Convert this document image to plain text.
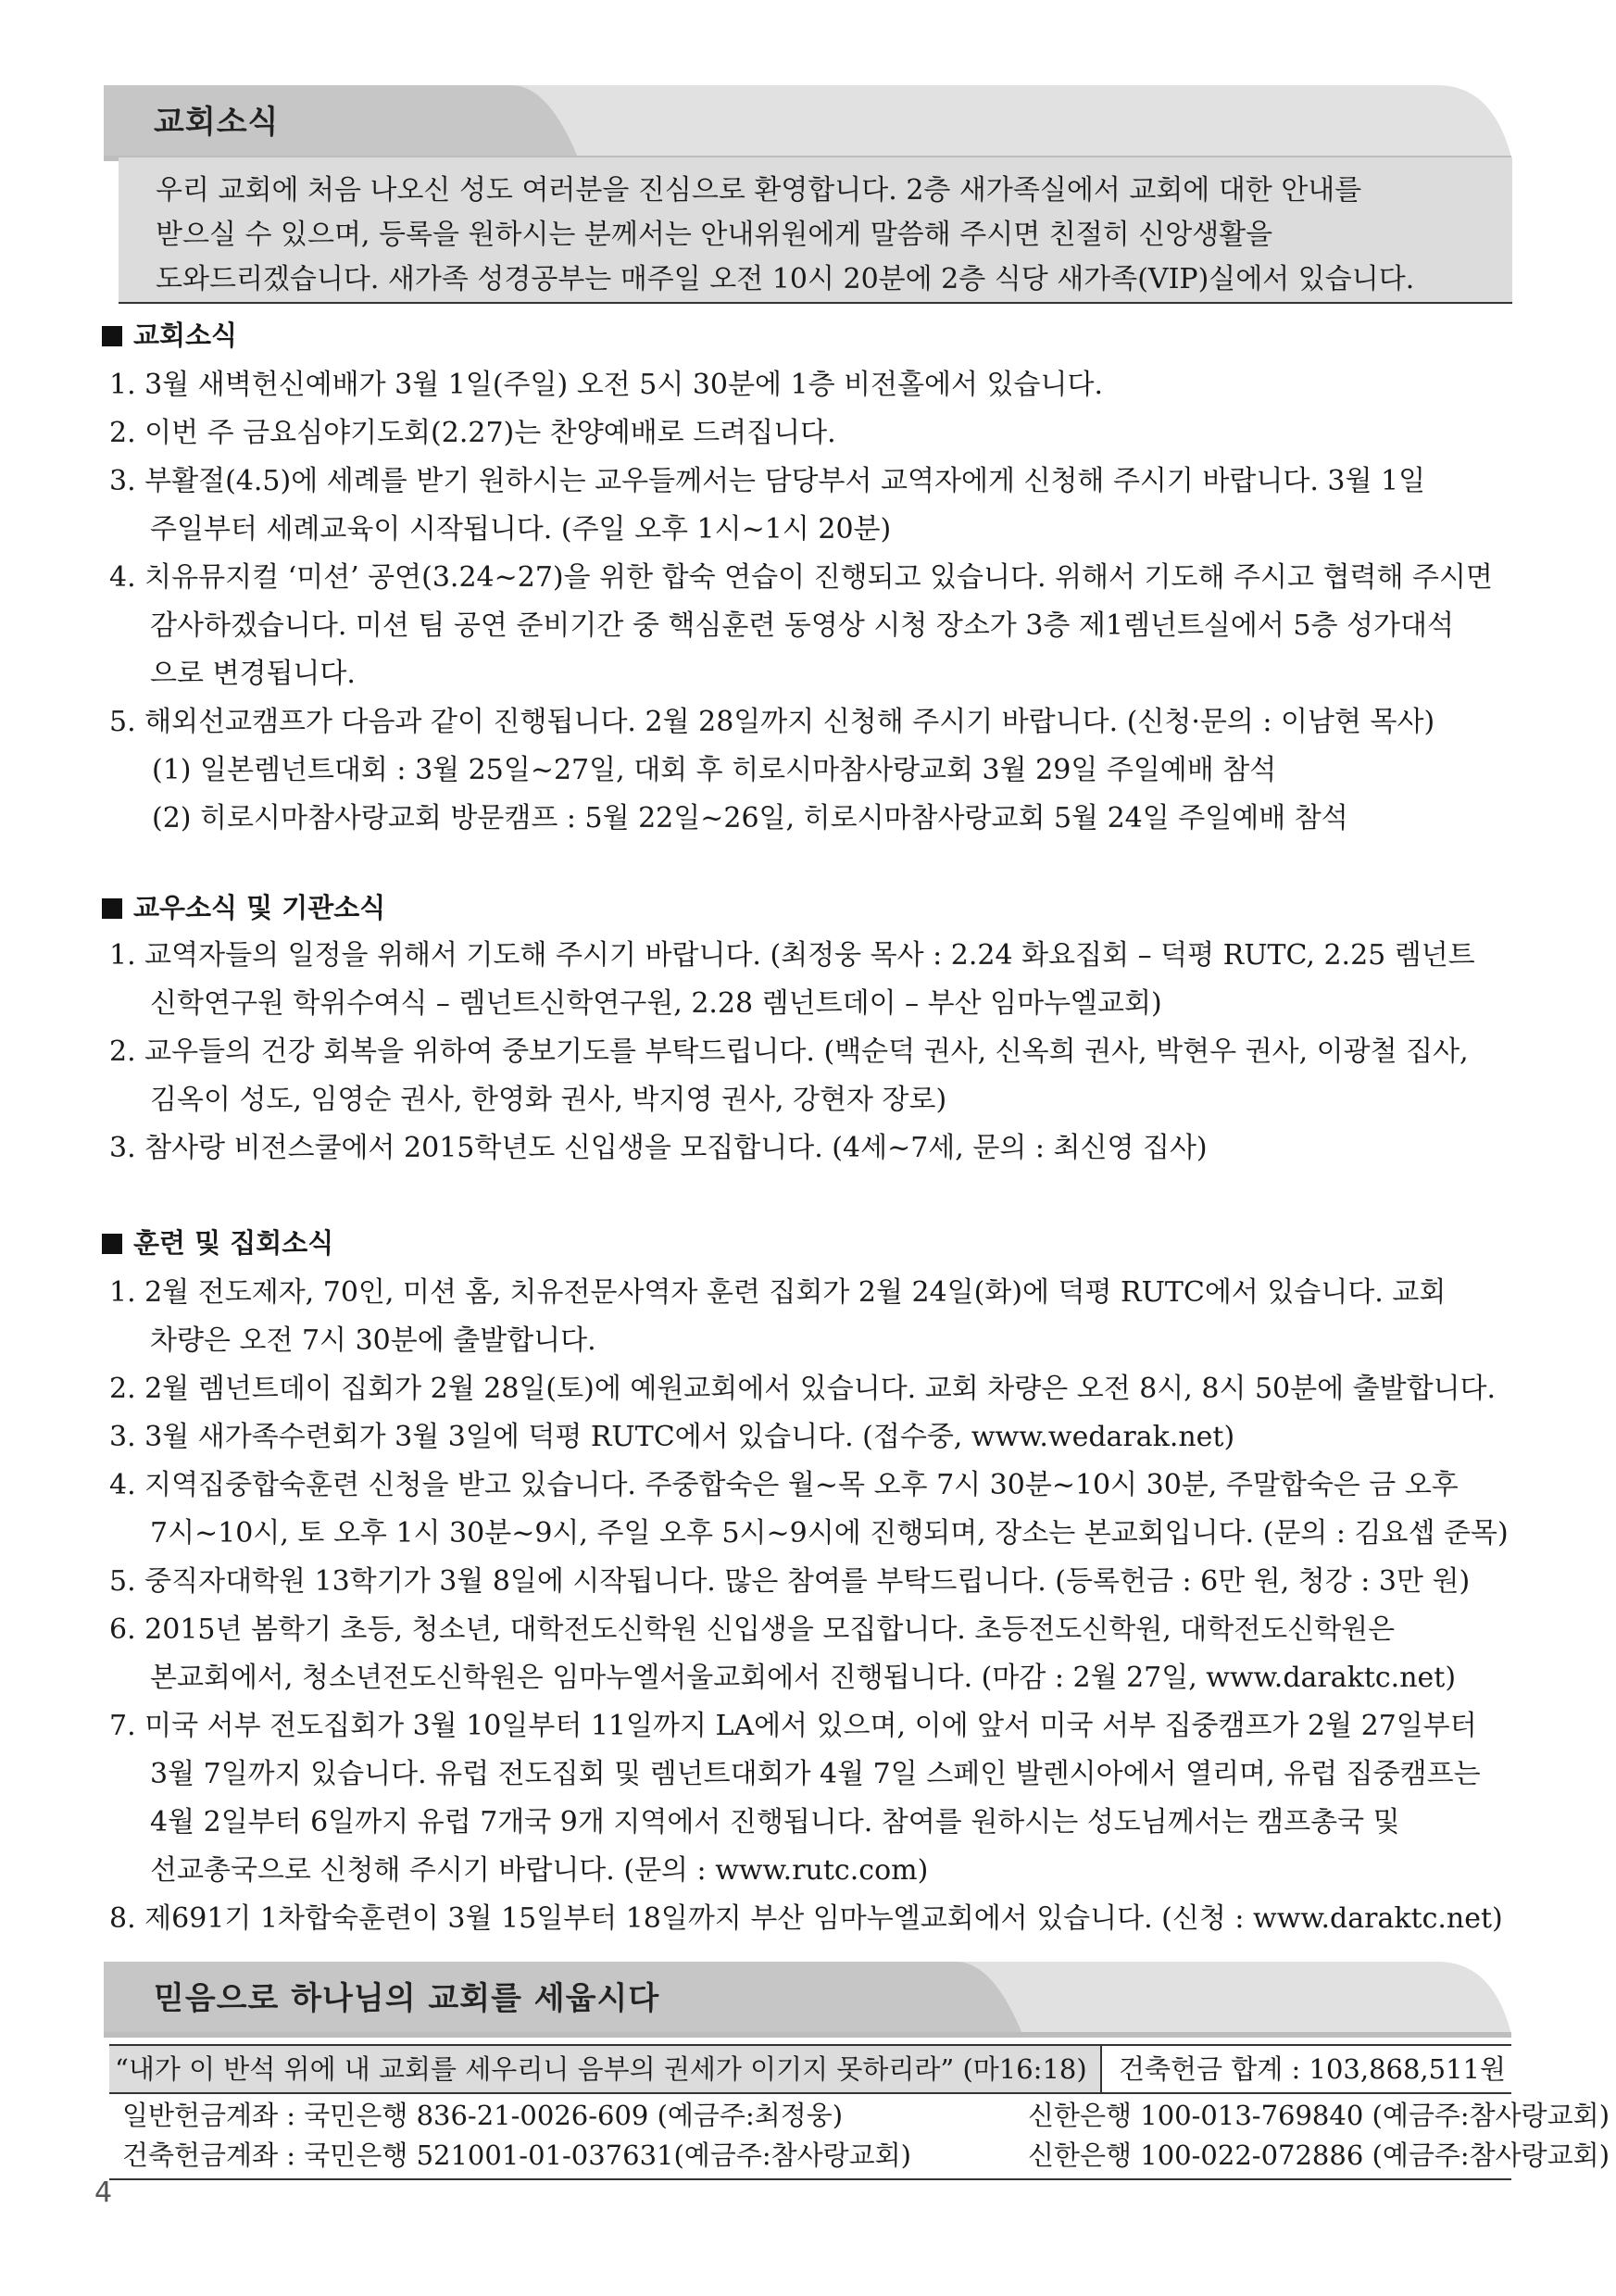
교회소식
우리 교회에 처음 나오신 성도 여러분을 진심으로 환영합니다. 2층 새가족실에서 교회에 대한 안내를
받으실 수 있으며, 등록을 원하시는 분께서는 안내위원에게 말씀해 주시면 친절히 신앙생활을
도와드리겠습니다. 새가족 성경공부는 매주일 오전 10시 20분에 2층 식당 새가족(VIP)실에서 있습니다.
교회소식
1. 3월 새벽헌신예배가 3월 1일(주일) 오전 5시 30분에 1층 비전홀에서 있습니다.
2. 이번 주 금요심야기도회(2.27)는 찬양예배로 드려집니다.
3. 부활절(4.5)에 세례를 받기 원하시는 교우들께서는 담당부서 교역자에게 신청해 주시기 바랍니다. 3월 1일
주일부터 세례교육이 시작됩니다. (주일 오후 1시~1시 20분)
4. 치유뮤지컬 ‘미션’ 공연(3.24~27)을 위한 합숙 연습이 진행되고 있습니다. 위해서 기도해 주시고 협력해 주시면
감사하겠습니다. 미션 팀 공연 준비기간 중 핵심훈련 동영상 시청 장소가 3층 제1렘넌트실에서 5층 성가대석
으로 변경됩니다.
5. 해외선교캠프가 다음과 같이 진행됩니다. 2월 28일까지 신청해 주시기 바랍니다. (신청·문의 : 이남현 목사)
(1) 일본렘넌트대회 : 3월 25일~27일, 대회 후 히로시마참사랑교회 3월 29일 주일예배 참석
(2) 히로시마참사랑교회 방문캠프 : 5월 22일~26일, 히로시마참사랑교회 5월 24일 주일예배 참석
교우소식 및 기관소식
1. 교역자들의 일정을 위해서 기도해 주시기 바랍니다. (최정웅 목사 : 2.24 화요집회 – 덕평 RUTC, 2.25 렘넌트
신학연구원 학위수여식 – 렘넌트신학연구원, 2.28 렘넌트데이 – 부산 임마누엘교회)
2. 교우들의 건강 회복을 위하여 중보기도를 부탁드립니다. (백순덕 권사, 신옥희 권사, 박현우 권사, 이광철 집사,
김옥이 성도, 임영순 권사, 한영화 권사, 박지영 권사, 강현자 장로)
3. 참사랑 비전스쿨에서 2015학년도 신입생을 모집합니다. (4세~7세, 문의 : 최신영 집사)
훈련 및 집회소식
1. 2월 전도제자, 70인, 미션 홈, 치유전문사역자 훈련 집회가 2월 24일(화)에 덕평 RUTC에서 있습니다. 교회
차량은 오전 7시 30분에 출발합니다.
2. 2월 렘넌트데이 집회가 2월 28일(토)에 예원교회에서 있습니다. 교회 차량은 오전 8시, 8시 50분에 출발합니다.
3. 3월 새가족수련회가 3월 3일에 덕평 RUTC에서 있습니다. (접수중, www.wedarak.net)
4. 지역집중합숙훈련 신청을 받고 있습니다. 주중합숙은 월~목 오후 7시 30분~10시 30분, 주말합숙은 금 오후
7시~10시, 토 오후 1시 30분~9시, 주일 오후 5시~9시에 진행되며, 장소는 본교회입니다. (문의 : 김요셉 준목)
5. 중직자대학원 13학기가 3월 8일에 시작됩니다. 많은 참여를 부탁드립니다. (등록헌금 : 6만 원, 청강 : 3만 원)
6. 2015년 봄학기 초등, 청소년, 대학전도신학원 신입생을 모집합니다. 초등전도신학원, 대학전도신학원은
본교회에서, 청소년전도신학원은 임마누엘서울교회에서 진행됩니다. (마감 : 2월 27일, www.daraktc.net)
7. 미국 서부 전도집회가 3월 10일부터 11일까지 LA에서 있으며, 이에 앞서 미국 서부 집중캠프가 2월 27일부터
3월 7일까지 있습니다. 유럽 전도집회 및 렘넌트대회가 4월 7일 스페인 발렌시아에서 열리며, 유럽 집중캠프는
4월 2일부터 6일까지 유럽 7개국 9개 지역에서 진행됩니다. 참여를 원하시는 성도님께서는 캠프총국 및
선교총국으로 신청해 주시기 바랍니다. (문의 : www.rutc.com)
8. 제691기 1차합숙훈련이 3월 15일부터 18일까지 부산 임마누엘교회에서 있습니다. (신청 : www.daraktc.net)
믿음으로 하나님의 교회를 세웁시다
“내가 이 반석 위에 내 교회를 세우리니 음부의 권세가 이기지 못하리라” (마16:18)	건축헌금 합계 : 103,868,511원
일반헌금계좌 : 국민은행 836-21-0026-609 (예금주:최정웅)	신한은행 100-013-769840 (예금주:참사랑교회)
건축헌금계좌 : 국민은행 521001-01-037631(예금주:참사랑교회)	신한은행 100-022-072886 (예금주:참사랑교회)
4
